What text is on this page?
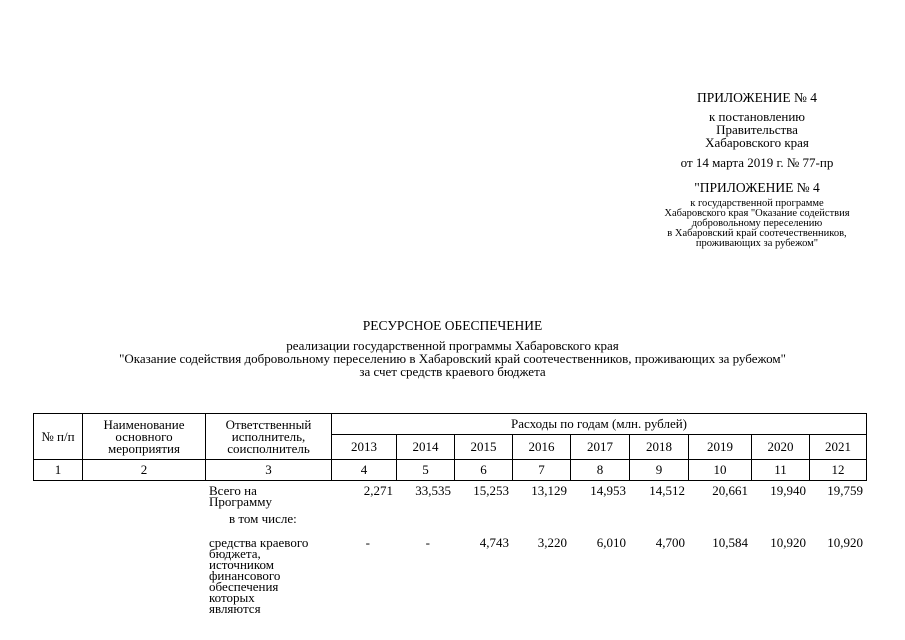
ПРИЛОЖЕНИЕ № 4
к постановлению
Правительства
Хабаровского края
от 14 марта 2019 г. № 77-пр
"ПРИЛОЖЕНИЕ № 4
к государственной программе
Хабаровского края "Оказание содействия
добровольному переселению
в Хабаровский край соотечественников,
проживающих за рубежом"
РЕСУРСНОЕ ОБЕСПЕЧЕНИЕ
реализации государственной программы Хабаровского края
"Оказание содействия добровольному переселению в Хабаровский край соотечественников, проживающих за рубежом"
за счет средств краевого бюджета
№ п/п	Наименование основного мероприятия	Ответственный исполнитель, соисполнитель	Расходы по годам (млн. рублей)								
			2013	2014	2015	2016	2017	2018	2019	2020	2021
1	2	3	4	5	6	7	8	9	10	11	12
		Всего на Программу	2,271	33,535	15,253	13,129	14,953	14,512	20,661	19,940	19,759
		в том числе:									
		средства краевого бюджета, источником финансового обеспечения которых являются	-	-	4,743	3,220	6,010	4,700	10,584	10,920	10,920
